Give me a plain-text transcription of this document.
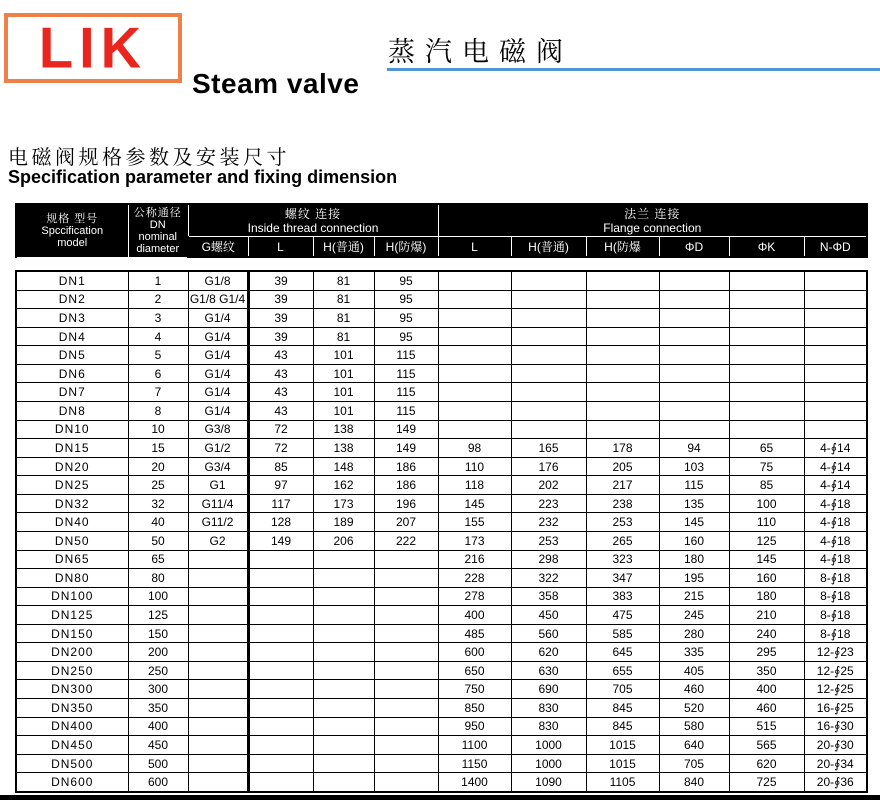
LIK
Steam valve
蒸汽电磁阀
电磁阀规格参数及安装尺寸
Specification parameter and fixing dimension
规格 型号
Spccification
model

公称通径
DN
nominal
diameter

螺纹 连接
Inside thread connection

法兰 连接
Flange connection

		G螺纹	L	H(普通)	H(防爆)	L	H(普通)	H(防爆	ΦD	ΦK	N-ΦD
DN1	1	G1/8	39	81	95						
DN2	2	G1/8 G1/4	39	81	95						
DN3	3	G1/4	39	81	95						
DN4	4	G1/4	39	81	95						
DN5	5	G1/4	43	101	115						
DN6	6	G1/4	43	101	115						
DN7	7	G1/4	43	101	115						
DN8	8	G1/4	43	101	115						
DN10	10	G3/8	72	138	149						
DN15	15	G1/2	72	138	149	98	165	178	94	65	4-∮14
DN20	20	G3/4	85	148	186	110	176	205	103	75	4-∮14
DN25	25	G1	97	162	186	118	202	217	115	85	4-∮14
DN32	32	G11/4	117	173	196	145	223	238	135	100	4-∮18
DN40	40	G11/2	128	189	207	155	232	253	145	110	4-∮18
DN50	50	G2	149	206	222	173	253	265	160	125	4-∮18
DN65	65					216	298	323	180	145	4-∮18
DN80	80					228	322	347	195	160	8-∮18
DN100	100					278	358	383	215	180	8-∮18
DN125	125					400	450	475	245	210	8-∮18
DN150	150					485	560	585	280	240	8-∮18
DN200	200					600	620	645	335	295	12-∮23
DN250	250					650	630	655	405	350	12-∮25
DN300	300					750	690	705	460	400	12-∮25
DN350	350					850	830	845	520	460	16-∮25
DN400	400					950	830	845	580	515	16-∮30
DN450	450					1100	1000	1015	640	565	20-∮30
DN500	500					1150	1000	1015	705	620	20-∮34
DN600	600					1400	1090	1105	840	725	20-∮36
